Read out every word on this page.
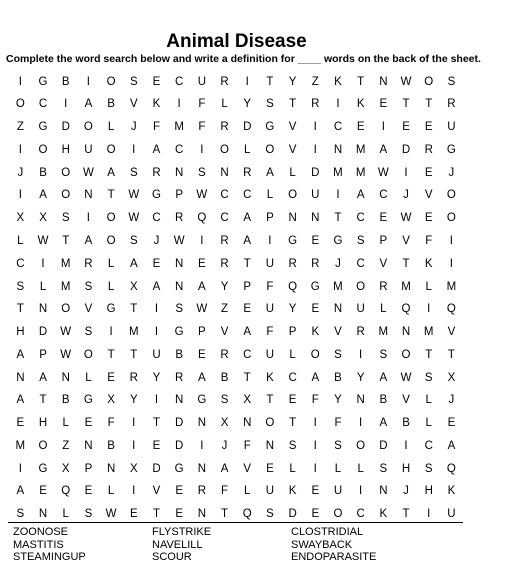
Animal Disease
Complete the word search below and write a definition for ____ words on the back of the sheet.
I	G	B	I	O	S	E	C	U	R	I	T	Y	Z	K	T	N	W	O	S
O	C	I	A	B	V	K	I	F	L	Y	S	T	R	I	K	E	T	T	R
Z	G	D	O	L	J	F	M	F	R	D	G	V	I	C	E	I	E	E	U
I	O	H	U	O	I	A	C	I	O	L	O	V	I	N	M	A	D	R	G
J	B	O	W	A	S	R	N	S	N	R	A	L	D	M	M	W	I	E	J
I	A	O	N	T	W	G	P	W	C	C	L	O	U	I	A	C	J	V	O
X	X	S	I	O	W	C	R	Q	C	A	P	N	N	T	C	E	W	E	O
L	W	T	A	O	S	J	W	I	R	A	I	G	E	G	S	P	V	F	I
C	I	M	R	L	A	E	N	E	R	T	U	R	R	J	C	V	T	K	I
S	L	M	S	L	X	A	N	A	Y	P	F	Q	G	M	O	R	M	L	M
T	N	O	V	G	T	I	S	W	Z	E	U	Y	E	N	U	L	Q	I	Q
H	D	W	S	I	M	I	G	P	V	A	F	P	K	V	R	M	N	M	V
A	P	W	O	T	T	U	B	E	R	C	U	L	O	S	I	S	O	T	T
N	A	N	L	E	R	Y	R	A	B	T	K	C	A	B	Y	A	W	S	X
A	T	B	G	X	Y	I	N	G	S	X	T	E	F	Y	N	B	V	L	J
E	H	L	E	F	I	T	D	N	X	N	O	T	I	F	I	A	B	L	E
M	O	Z	N	B	I	E	D	I	J	F	N	S	I	S	O	D	I	C	A
I	G	X	P	N	X	D	G	N	A	V	E	L	I	L	L	S	H	S	Q
A	E	Q	E	L	I	V	E	R	F	L	U	K	E	U	I	N	J	H	K
S	N	L	S	W	E	T	E	N	T	Q	S	D	E	O	C	K	T	I	U
ZOONOSE	FLYSTRIKE	CLOSTRIDIAL
MASTITIS	NAVELILL	SWAYBACK
STEAMINGUP	SCOUR	ENDOPARASITE
